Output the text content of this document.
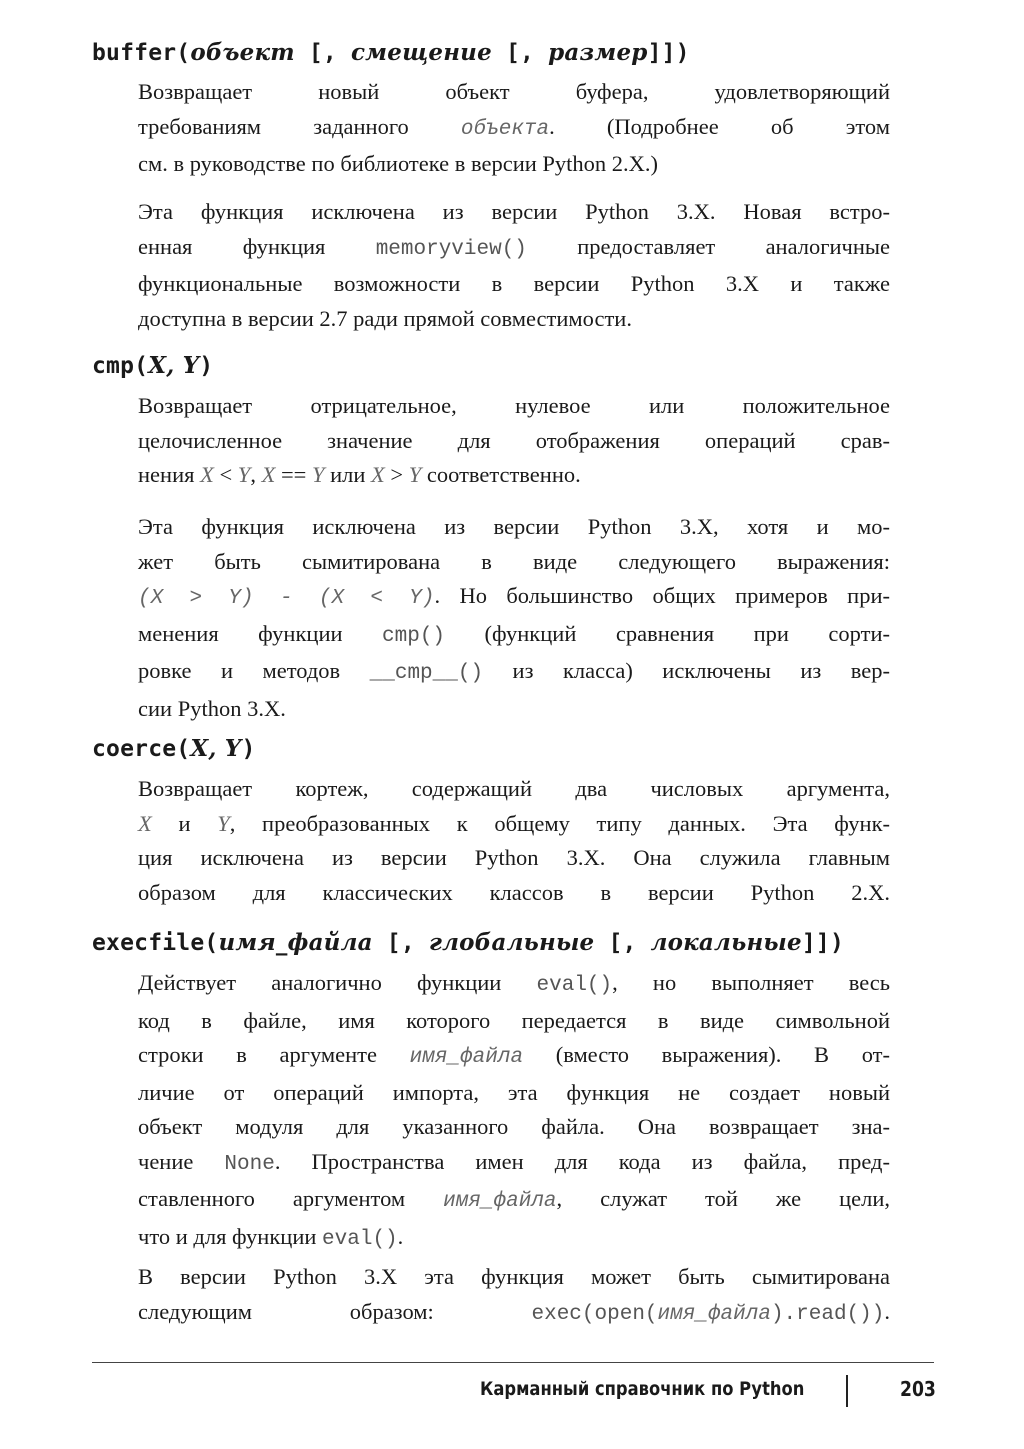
buffer(объект [, смещение [, размер]])
Возвращает новый объект буфера, удовлетворяющий
требованиям заданного объекта. (Подробнее об этом
см. в руководстве по библиотеке в версии Python 2.X.)
Эта функция исключена из версии Python 3.X. Новая встро-
енная функция memoryview() предоставляет аналогичные
функциональные возможности в версии Python 3.X и также
доступна в версии 2.7 ради прямой совместимости.
cmp(X, Y)
Возвращает отрицательное, нулевое или положительное
целочисленное значение для отображения операций срав-
нения X < Y, X == Y или X > Y соответственно.
Эта функция исключена из версии Python 3.X, хотя и мо-
жет быть сымитирована в виде следующего выражения:
(X > Y) - (X < Y). Но большинство общих примеров при-
менения функции cmp() (функций сравнения при сорти-
ровке и методов __cmp__() из класса) исключены из вер-
сии Python 3.X.
coerce(X, Y)
Возвращает кортеж, содержащий два числовых аргумента,
X и Y, преобразованных к общему типу данных. Эта функ-
ция исключена из версии Python 3.X. Она служила главным
образом для классических классов в версии Python 2.X.
execfile(имя_файла [, глобальные [, локальные]])
Действует аналогично функции eval(), но выполняет весь
код в файле, имя которого передается в виде символьной
строки в аргументе имя_файла (вместо выражения). В от-
личие от операций импорта, эта функция не создает новый
объект модуля для указанного файла. Она возвращает зна-
чение None. Пространства имен для кода из файла, пред-
ставленного аргументом имя_файла, служат той же цели,
что и для функции eval().
В версии Python 3.X эта функция может быть сымитирована
следующим образом: exec(open(имя_файла).read()).
Карманный справочник по Python	203
